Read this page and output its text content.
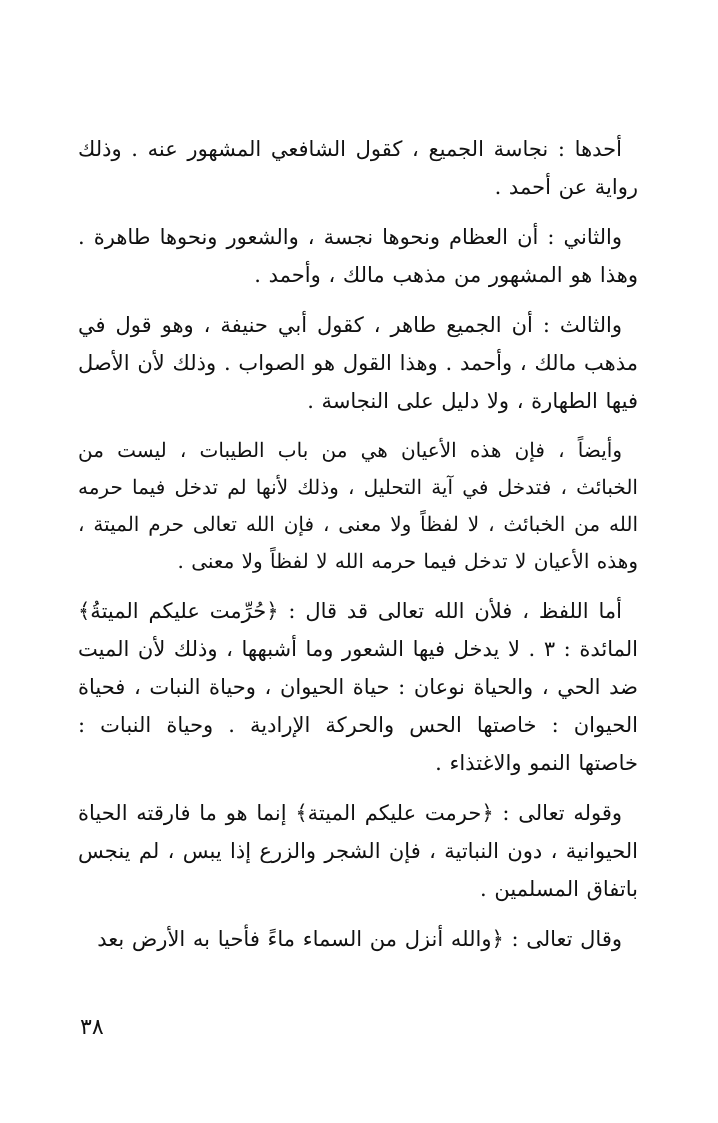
أحدها : نجاسة الجميع ، كقول الشافعي المشهور عنه . وذلك رواية عن أحمد .

والثاني : أن العظام ونحوها نجسة ، والشعور ونحوها طاهرة . وهذا هو المشهور من مذهب مالك ، وأحمد .

والثالث : أن الجميع طاهر ، كقول أبي حنيفة ، وهو قول في مذهب مالك ، وأحمد . وهذا القول هو الصواب . وذلك لأن الأصل فيها الطهارة ، ولا دليل على النجاسة .

وأيضاً ، فإن هذه الأعيان هي من باب الطيبات ، ليست من الخبائث ، فتدخل في آية التحليل ، وذلك لأنها لم تدخل فيما حرمه الله من الخبائث ، لا لفظاً ولا معنى ، فإن الله تعالى حرم الميتة ، وهذه الأعيان لا تدخل فيما حرمه الله لا لفظاً ولا معنى .

أما اللفظ ، فلأن الله تعالى قد قال : ﴿حُرِّمت عليكم الميتةُ﴾ المائدة : ٣ . لا يدخل فيها الشعور وما أشبهها ، وذلك لأن الميت ضد الحي ، والحياة نوعان : حياة الحيوان ، وحياة النبات ، فحياة الحيوان : خاصتها الحس والحركة الإرادية . وحياة النبات : خاصتها النمو والاغتذاء .

وقوله تعالى : ﴿حرمت عليكم الميتة﴾ إنما هو ما فارقته الحياة الحيوانية ، دون النباتية ، فإن الشجر والزرع إذا يبس ، لم ينجس باتفاق المسلمين .

وقال تعالى : ﴿والله أنزل من السماء ماءً فأحيا به الأرض بعد

٣٨
